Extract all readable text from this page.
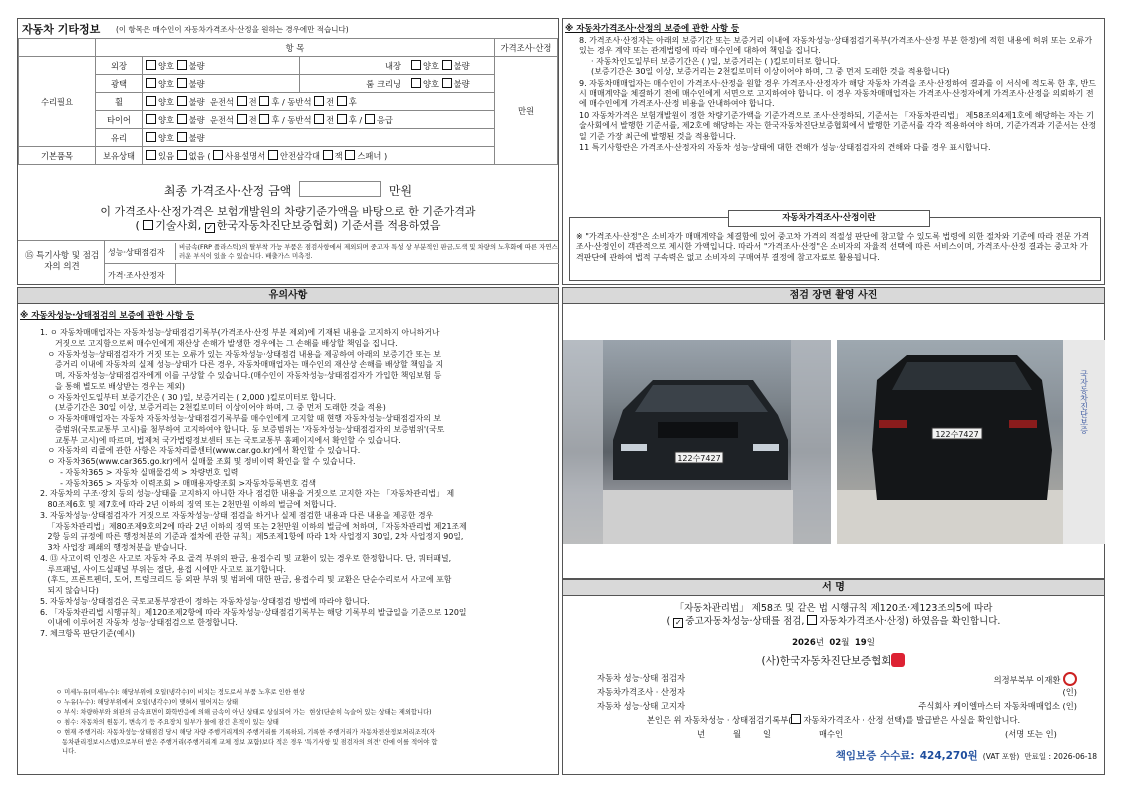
자동차 기타정보 (이 항목은 매수인이 자동차가격조사·산정을 원하는 경우에만 적습니다)
	항 목			가격조사·산정
수리필요	외장	양호 불량	내장 양호 불량	만원
	광택	양호 불량	룸 크리닝 양호 불량	
	휠	양호 불량 운전석 전 후 / 동반석 전 후		
	타이어	양호 불량 운전석 전 후 / 동반석 전 후 / 응급		
	유리	양호 불량		
기본품목	보유상태	있음 없음 ( 사용설명서 안전삼각대 잭 스패너 )		
최종 가격조사·산정 금액	만원
이 가격조사·산정가격은 보험개발원의 차량기준가액을 바탕으로 한 기준가격과
( 기술사회, ✓ 한국자동차진단보증협회) 기준서를 적용하였음
⑮ 특기사항 및 점검자의 의견
성능·상태점검자
비금속(FRP 플라스틱)의 탈부착 가능 부품은 점검사항에서 제외되며 중고자 특성 상 부분적인 판금,도색 및 차량의 노후화에 따른 자연스러운 부식이 있을 수 있습니다. 배출가스 미측정.
가격·조사산정자
※ 자동차가격조사·산정의 보증에 관한 사항 등
8. 가격조사·산정자는 아래의 보증기간 또는 보증거리 이내에 자동차성능·상태점검기록부(가격조사·산정 부분 한정)에 적힌 내용에 허위 또는 오류가 있는 경우 계약 또는 관계법령에 따라 매수인에 대하여 책임을 집니다.
· 자동차인도일부터 보증기간은 ( )일, 보증거리는 ( )킬로미터로 합니다.
(보증기간은 30일 이상, 보증거리는 2천킬로미터 이상이어야 하며, 그 중 먼저 도래한 것을 적용합니다)
9. 자동차매매업자는 매수인이 가격조사·산정을 원할 경우 가격조사·산정자가 해당 자동차 가격을 조사·산정하여 결과를 이 서식에 적도록 한 후, 반드시 매매계약을 체결하기 전에 매수인에게 서면으로 고지하여야 합니다. 이 경우 자동차매매업자는 가격조사·산정자에게 가격조사·산정을 의뢰하기 전에 매수인에게 가격조사·산정 비용을 안내하여야 합니다.
10 자동차가격은 보험개발원이 정한 차량기준가액을 기준가격으로 조사·산정하되, 기준서는 「자동차관리법」 제58조의4제1호에 해당하는 자는 기술사회에서 발행한 기준서를, 제2호에 해당하는 자는 한국자동차진단보증협회에서 발행한 기준서를 각각 적용하여야 하며, 기준가격과 기준서는 산정일 기준 가장 최근에 발행된 것을 적용합니다.
11 특기사항란은 가격조사·산정자의 자동차 성능·상태에 대한 견해가 성능·상태점검자의 견해와 다를 경우 표시합니다.
자동차가격조사·산정이란
※ "가격조사·산정"은 소비자가 매매계약을 체결함에 있어 중고차 가격의 적절성 판단에 참고할 수 있도록 법령에 의한 절차와 기준에 따라 전문 가격조사·산정인이 객관적으로 제시한 가액입니다. 따라서 "가격조사·산정"은 소비자의 자율적 선택에 따른 서비스이며, 가격조사·산정 결과는 중고차 가격판단에 관하여 법적 구속력은 없고 소비자의 구매여부 결정에 참고자료로 활용됩니다.
유의사항
※ 자동차성능·상태점검의 보증에 관한 사항 등
1. ㅇ 자동차매매업자는 자동차성능·상태점검기록부(가격조사·산정 부분 제외)에 기재된 내용을 고지하지 아니하거나
거짓으로 고지함으로써 매수인에게 재산상 손해가 발생한 경우에는 그 손해를 배상할 책임을 집니다.
ㅇ 자동차성능·상태점검자가 거짓 또는 오류가 있는 자동차성능·상태점검 내용을 제공하여 아래의 보증기간 또는 보
증거리 이내에 자동차의 실제 성능·상태가 다른 경우, 자동차매매업자는 매수인의 재산상 손해를 배상할 책임을 지
며, 자동차성능·상태점검자에게 이를 구상할 수 있습니다.(매수인이 자동차성능·상태점검자가 가입한 책임보험 등
을 통해 별도로 배상받는 경우는 제외)
ㅇ 자동차인도일부터 보증기간은 ( 30 )일, 보증거리는 ( 2,000 )킬로미터로 합니다.
(보증기간은 30일 이상, 보증거리는 2천킬로미터 이상이어야 하며, 그 중 먼저 도래한 것을 적용)
ㅇ 자동차매매업자는 자동차 자동차성능·상태점검기록부를 매수인에게 고지할 때 현행 자동차성능·상태점검자의 보
증범위(국토교통부 고시)를 첨부하여 고지하여야 합니다. 동 보증범위는 '자동차성능·상태점검자의 보증범위'(국토
교통부 고시)에 따르며, 법제처 국가법령정보센터 또는 국토교통부 홈페이지에서 확인할 수 있습니다.
ㅇ 자동차의 리콜에 관한 사항은 자동차리콜센터(www.car.go.kr)에서 확인할 수 있습니다.
ㅇ 자동차365(www.car365.go.kr)에서 실매물 조회 및 정비이력 확인을 할 수 있습니다.
- 자동차365 > 자동차 실매물검색 > 차량번호 입력
- 자동차365 > 자동차 이력조회 > 매매용자량조회 >자동차등록번호 검색
2. 자동차의 구조·장치 등의 성능·상태를 고지하지 아니한 자나 점검한 내용을 거짓으로 고지한 자는 「자동차관리법」 제
80조제6호 및 제7호에 따라 2년 이하의 징역 또는 2천만원 이하의 벌금에 처합니다.
3. 자동차성능·상태점검자가 거짓으로 자동차성능·상태 점검을 하거나 실제 점검한 내용과 다른 내용을 제공한 경우
「자동차관리법」제80조제9호의2에 따라 2년 이하의 징역 또는 2천만원 이하의 벌금에 처하며,「자동차관리법 제21조제
2항 등의 규정에 따른 행정처분의 기준과 절차에 관한 규칙」제5조제1항에 따라 1차 사업정지 30일, 2차 사업정지 90일,
3차 사업장 폐쇄의 행정처분을 받습니다.
4. ⑬ 사고이력 인정은 사고로 자동차 주요 골격 부위의 판금, 용접수리 및 교환이 있는 경우로 한정합니다. 단, 쿼터패널,
루프패널, 사이드실패널 부위는 절단, 용접 시에만 사고로 표기합니다.
(후드, 프론트펜더, 도어, 트렁크리드 등 외판 부위 및 범퍼에 대한 판금, 용접수리 및 교환은 단순수리로서 사고에 포함
되지 않습니다)
5. 자동차성능·상태점검은 국토교통부장관이 정하는 자동차성능·상태점검 방법에 따라야 합니다.
6. 「자동차관리법 시행규칙」제120조제2항에 따라 자동차성능·상태점검기록부는 해당 기록부의 발급일을 기준으로 120일
이내에 이루어진 자동차 성능·상태점검으로 한정합니다.
7. 체크항목 판단기준(예시)
ㅇ 미세누유(미세누수): 해당부위에 오일(냉각수)이 비치는 정도로서 부품 노후로 인한 현상
ㅇ 누유(누수): 해당부위에서 오일(냉각수)이 맺혀서 떨어지는 상태
ㅇ 부식: 차량하부와 외판의 금속표면이 화학반응에 의해 금속이 아닌 상태로 상실되어 가는  현상(단순히 녹슬어 있는 상태는 제외합니다)
ㅇ 침수: 자동차의 원동기, 변속기 등 주요장치 일부가 물에 잠긴 흔적이 있는 상태
ㅇ 현재 주행거리: 자동차성능·상태점검 당시 해당 자량 주행거리계의 주행거리를 기록하되, 기록한 주행거리가 자동차전산정보처리조직(자
동차관리정보시스템)으로부터 받은 주행거리(주행거리계 교체 정보 포함)보다 적은 경우 '특기사항 및 점검자의 의견' 란에 이를 적어야 합
니다.
점검 장면 촬영 사진
122수7427
국자동차진단보증
122수7427
서 명
「자동차관리법」 제58조 및 같은 법 시행규칙 제120조·제123조의5에 따라
( ✓ 중고자동차성능·상태를 점검, 자동차가격조사·산정) 하였음을 확인합니다.
2026년 02월 19일
(사)한국자동차진단보증협회
자동차 성능·상태 점검자	의정부북부 이재환
자동차가격조사 · 산정자	(인)
자동차 성능·상태 고지자	주식회사 케이엘마스터 자동차매매업소 (인)
본인은 위 자동차성능 · 상태점검기록부( 자동차가격조사 · 산정 선택)를 발급받은 사실을 확인합니다.
년	월	일	매수인	(서명 또는 인)
책임보증 수수료: 424,270원 (VAT 포함) 만료일 : 2026-06-18
